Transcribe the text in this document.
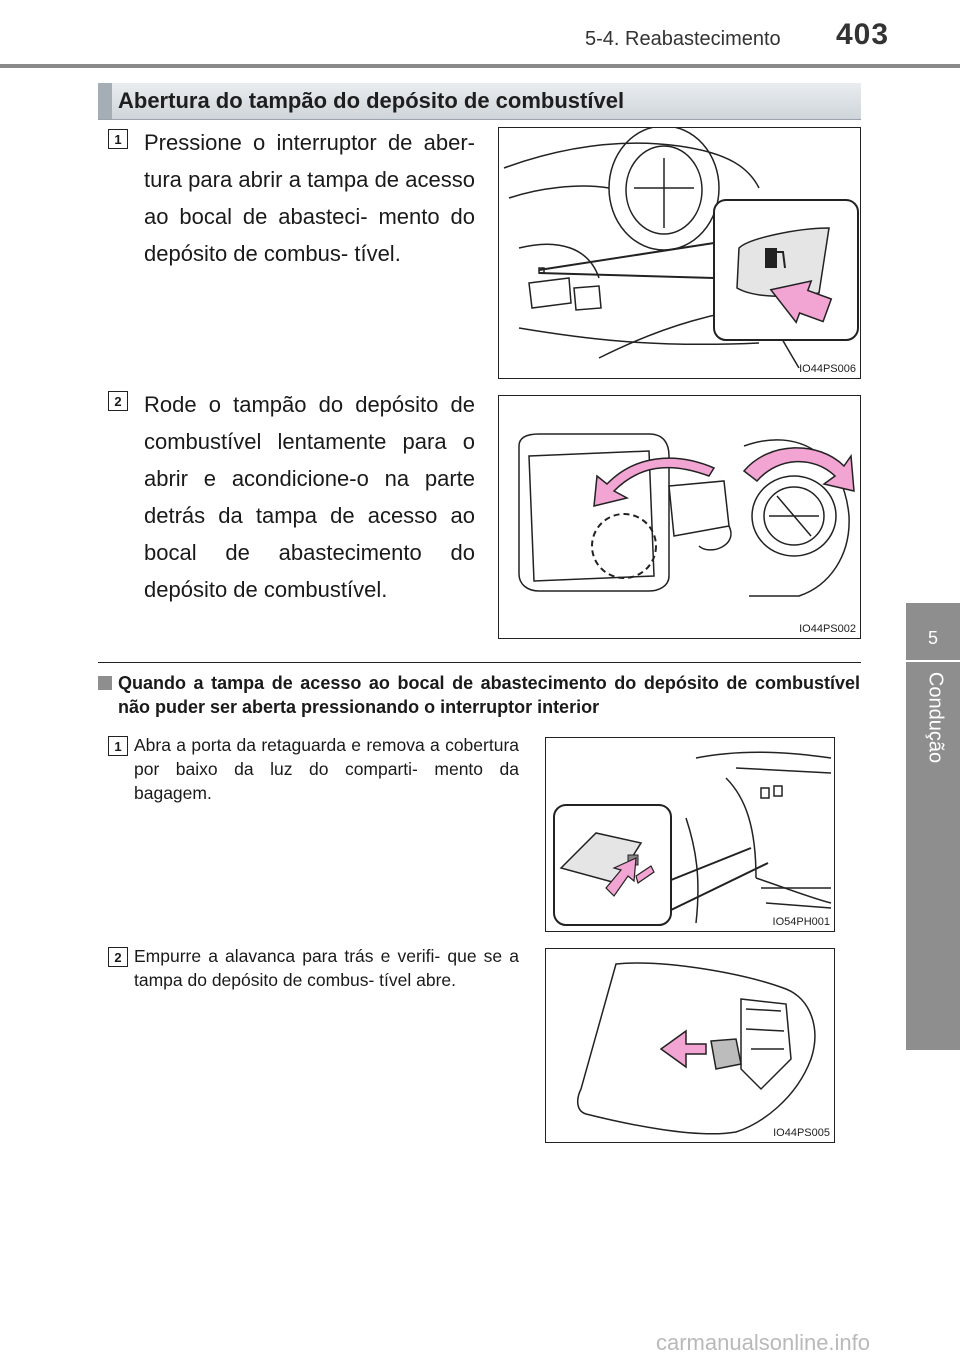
5-4. Reabastecimento 403
5
Condução
Abertura do tampão do depósito de combustível
1 Pressione o interruptor de aber- tura para abrir a tampa de acesso ao bocal de abasteci- mento do depósito de combus- tível.
IO44PS006
2 Rode o tampão do depósito de combustível lentamente para o abrir e acondicione-o na parte detrás da tampa de acesso ao bocal de abastecimento do depósito de combustível.
IO44PS002
Quando a tampa de acesso ao bocal de abastecimento do depósito de combustível não puder ser aberta pressionando o interruptor interior
1 Abra a porta da retaguarda e remova a cobertura por baixo da luz do comparti- mento da bagagem.
IO54PH001
2 Empurre a alavanca para trás e verifi- que se a tampa do depósito de combus- tível abre.
IO44PS005
carmanualsonline.info
